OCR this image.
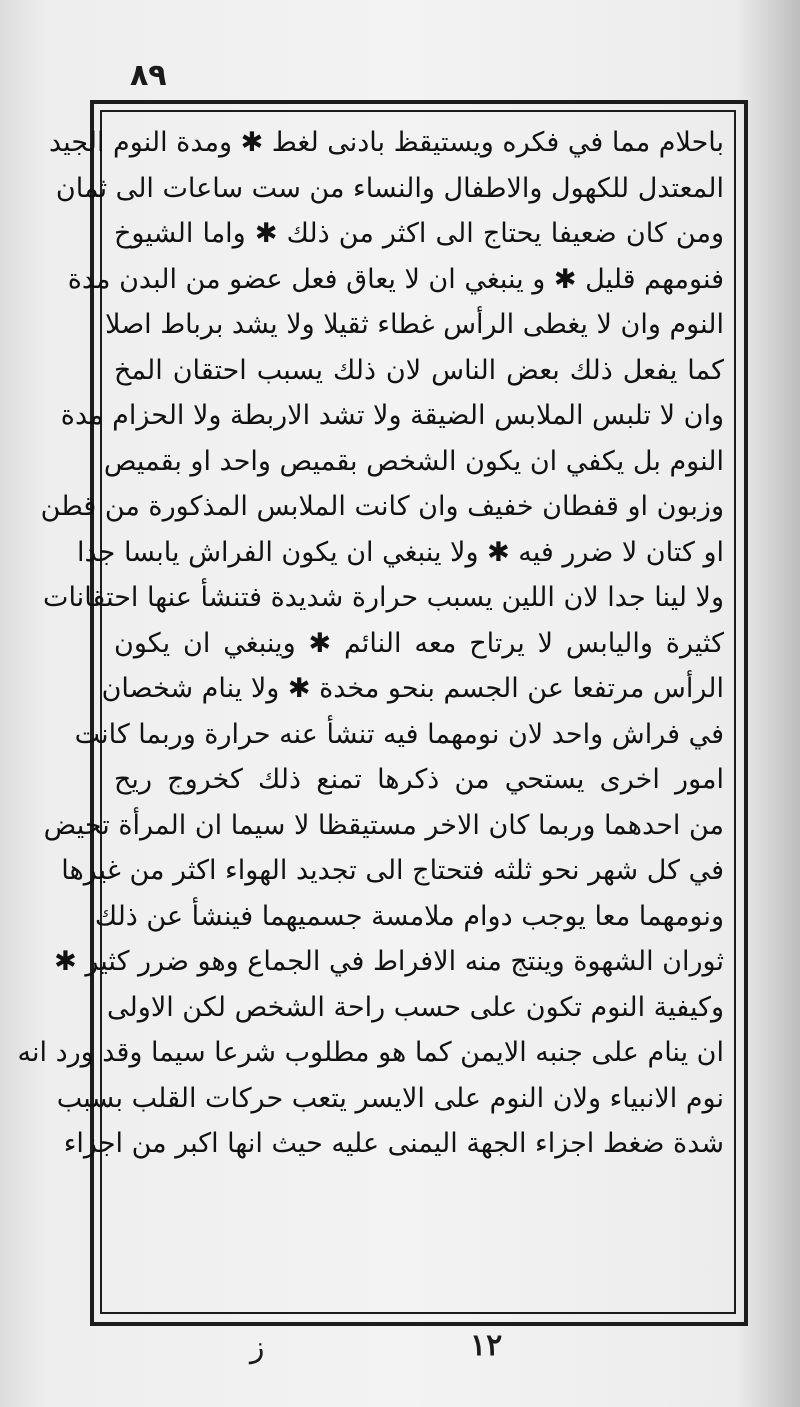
٨٩
باحلام مما في فكره ويستيقظ بادنى لغط ✱ ومدة النوم الجيد
المعتدل للكهول والاطفال والنساء من ست ساعات الى ثمان
ومن كان ضعيفا يحتاج الى اكثر من ذلك ✱ واما الشيوخ
فنومهم قليل ✱ و ينبغي ان لا يعاق فعل عضو من البدن مدة
النوم وان لا يغطى الرأس غطاء ثقيلا ولا يشد برباط اصلا
كما يفعل ذلك بعض الناس لان ذلك يسبب احتقان المخ
وان لا تلبس الملابس الضيقة ولا تشد الاربطة ولا الحزام مدة
النوم بل يكفي ان يكون الشخص بقميص واحد او بقميص
وزبون او قفطان خفيف وان كانت الملابس المذكورة من قطن
او كتان لا ضرر فيه ✱ ولا ينبغي ان يكون الفراش يابسا جدا
ولا لينا جدا لان اللين يسبب حرارة شديدة فتنشأ عنها احتقانات
كثيرة واليابس لا يرتاح معه النائم ✱ وينبغي ان يكون
الرأس مرتفعا عن الجسم بنحو مخدة ✱ ولا ينام شخصان
في فراش واحد لان نومهما فيه تنشأ عنه حرارة وربما كانت
امور اخرى يستحي من ذكرها تمنع ذلك كخروج ريح
من احدهما وربما كان الاخر مستيقظا لا سيما ان المرأة تحيض
في كل شهر نحو ثلثه فتحتاج الى تجديد الهواء اكثر من غيرها
ونومهما معا يوجب دوام ملامسة جسميهما فينشأ عن ذلك
ثوران الشهوة وينتج منه الافراط في الجماع وهو ضرر كثير ✱
وكيفية النوم تكون على حسب راحة الشخص لكن الاولى
ان ينام على جنبه الايمن كما هو مطلوب شرعا سيما وقد ورد انه
نوم الانبياء ولان النوم على الايسر يتعب حركات القلب بسبب
شدة ضغط اجزاء الجهة اليمنى عليه حيث انها اكبر من اجزاء
١٢
ز
